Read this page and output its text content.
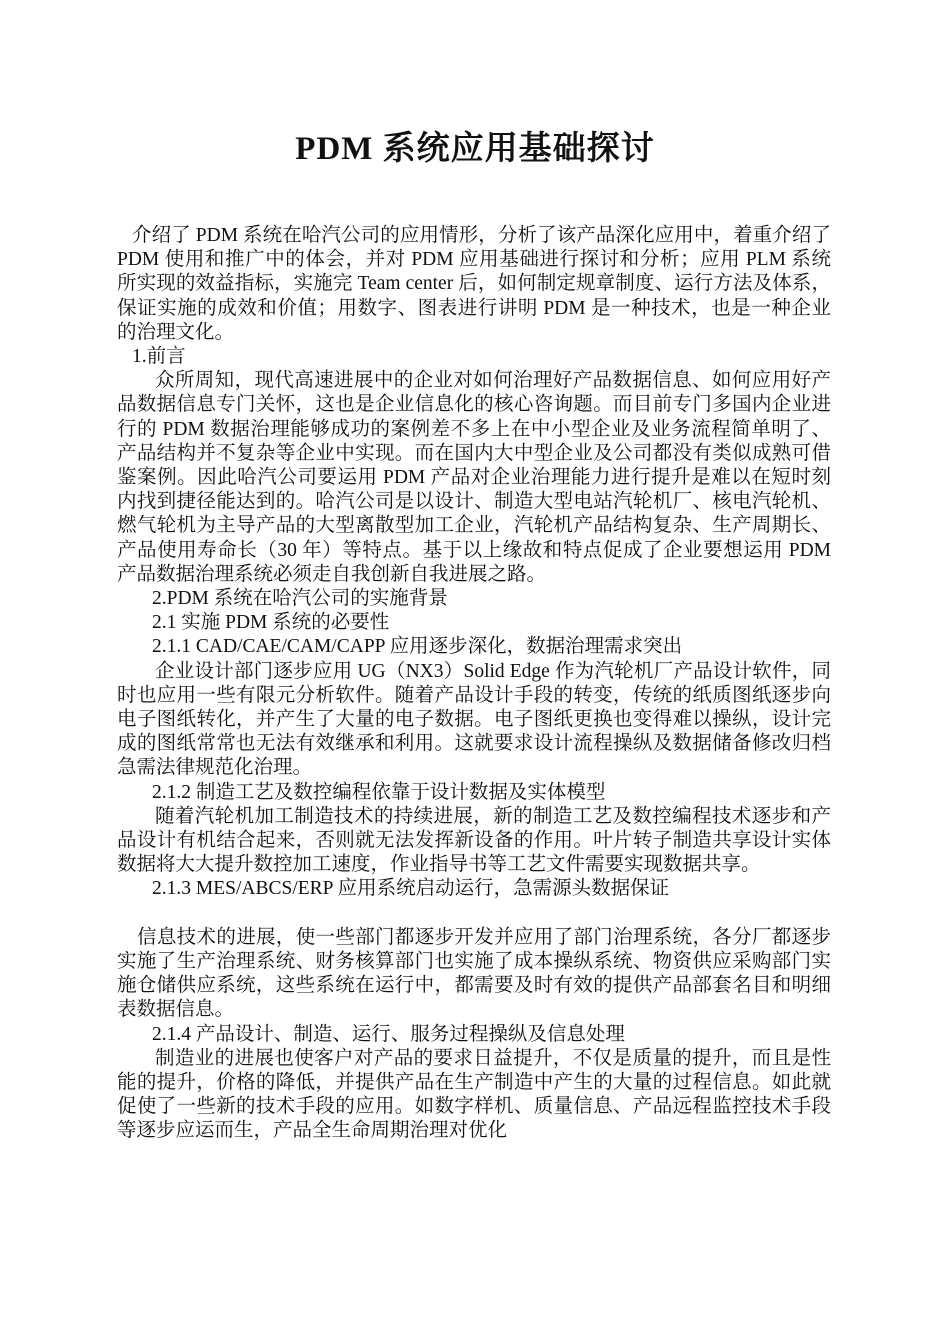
PDM 系统应用基础探讨

介绍了 PDM 系统在哈汽公司的应用情形，分析了该产品深化应用中，着重介绍了 PDM 使用和推广中的体会，并对 PDM 应用基础进行探讨和分析；应用 PLM 系统所实现的效益指标，实施完 Team center 后，如何制定规章制度、运行方法及体系，保证实施的成效和价值；用数字、图表进行讲明 PDM 是一种技术，也是一种企业的治理文化。

1.前言

众所周知，现代高速进展中的企业对如何治理好产品数据信息、如何应用好产品数据信息专门关怀，这也是企业信息化的核心咨询题。而目前专门多国内企业进行的 PDM 数据治理能够成功的案例差不多上在中小型企业及业务流程简单明了、产品结构并不复杂等企业中实现。而在国内大中型企业及公司都没有类似成熟可借鉴案例。因此哈汽公司要运用 PDM 产品对企业治理能力进行提升是难以在短时刻内找到捷径能达到的。哈汽公司是以设计、制造大型电站汽轮机厂、核电汽轮机、燃气轮机为主导产品的大型离散型加工企业，汽轮机产品结构复杂、生产周期长、产品使用寿命长（30 年）等特点。基于以上缘故和特点促成了企业要想运用 PDM 产品数据治理系统必须走自我创新自我进展之路。

2.PDM 系统在哈汽公司的实施背景

2.1 实施 PDM 系统的必要性

2.1.1 CAD/CAE/CAM/CAPP 应用逐步深化，数据治理需求突出

企业设计部门逐步应用 UG（NX3）Solid Edge 作为汽轮机厂产品设计软件，同时也应用一些有限元分析软件。随着产品设计手段的转变，传统的纸质图纸逐步向电子图纸转化，并产生了大量的电子数据。电子图纸更换也变得难以操纵，设计完成的图纸常常也无法有效继承和利用。这就要求设计流程操纵及数据储备修改归档急需法律规范化治理。

2.1.2 制造工艺及数控编程依靠于设计数据及实体模型

随着汽轮机加工制造技术的持续进展，新的制造工艺及数控编程技术逐步和产品设计有机结合起来，否则就无法发挥新设备的作用。叶片转子制造共享设计实体数据将大大提升数控加工速度，作业指导书等工艺文件需要实现数据共享。

2.1.3 MES/ABCS/ERP 应用系统启动运行，急需源头数据保证

信息技术的进展，使一些部门都逐步开发并应用了部门治理系统，各分厂都逐步实施了生产治理系统、财务核算部门也实施了成本操纵系统、物资供应采购部门实施仓储供应系统，这些系统在运行中，都需要及时有效的提供产品部套名目和明细表数据信息。

2.1.4 产品设计、制造、运行、服务过程操纵及信息处理

制造业的进展也使客户对产品的要求日益提升，不仅是质量的提升，而且是性能的提升，价格的降低，并提供产品在生产制造中产生的大量的过程信息。如此就促使了一些新的技术手段的应用。如数字样机、质量信息、产品远程监控技术手段等逐步应运而生，产品全生命周期治理对优化
